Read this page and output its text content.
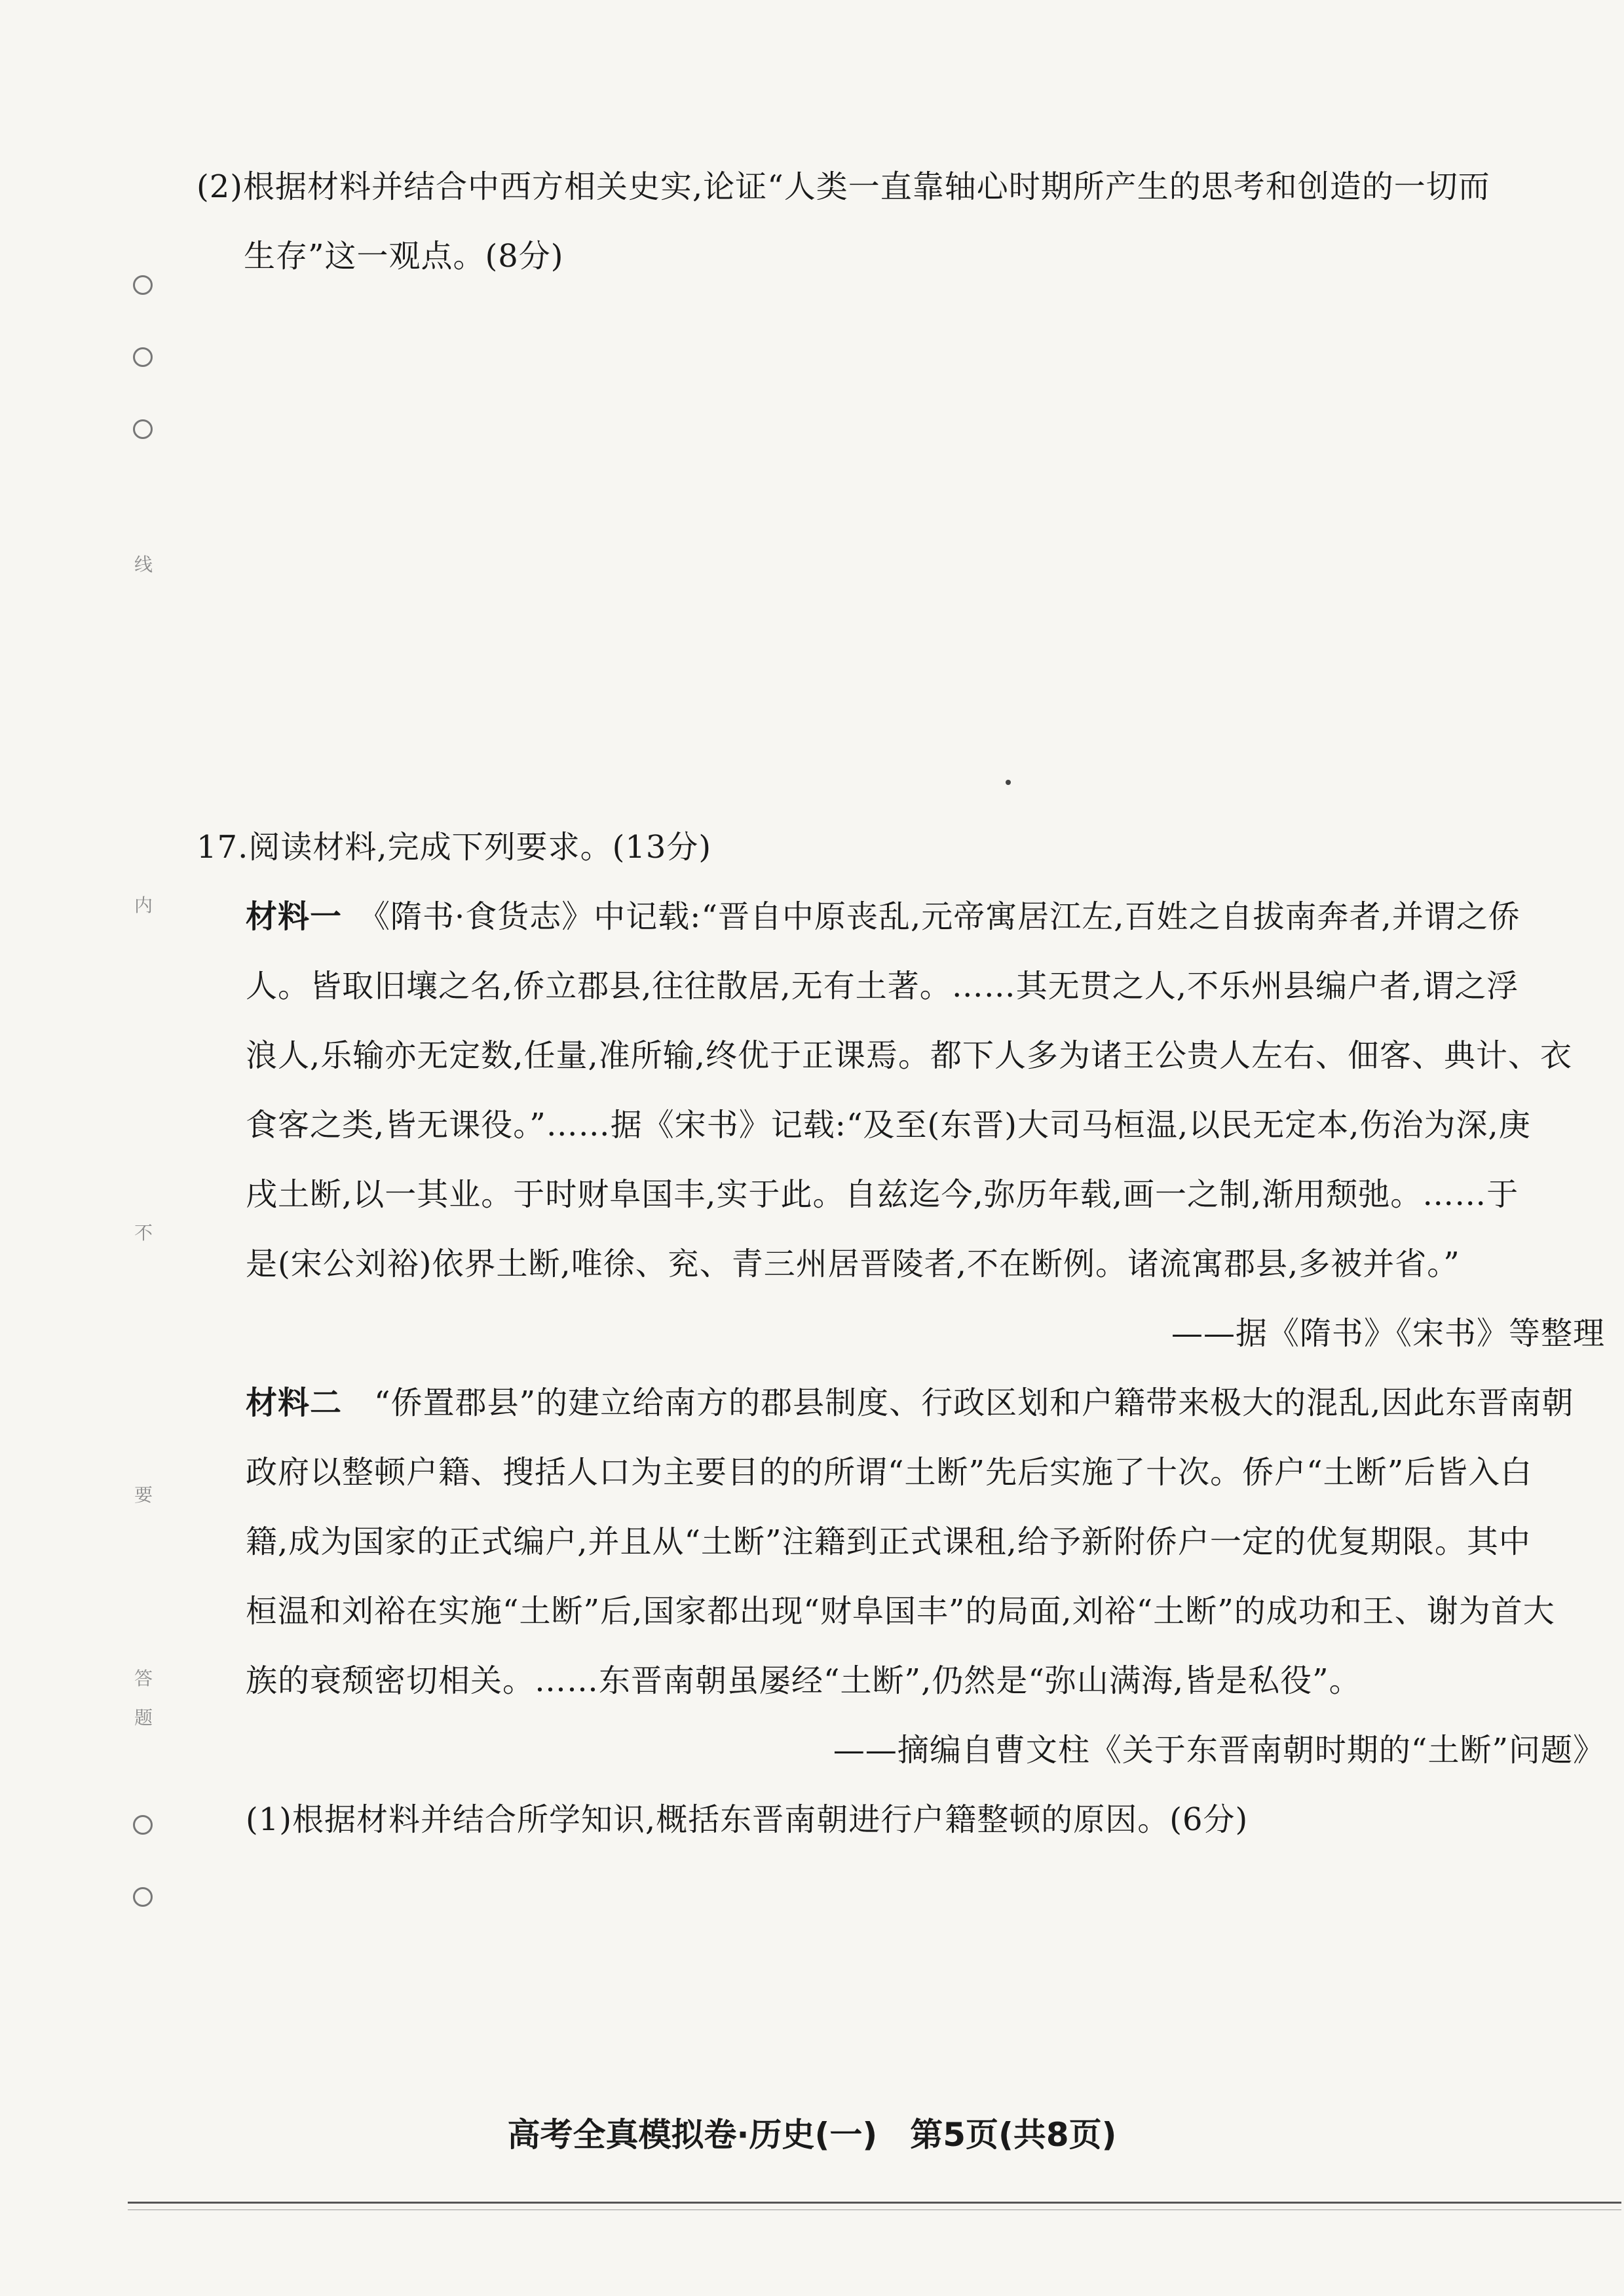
线
内
不
要
答
题
(2)根据材料并结合中西方相关史实,论证“人类一直靠轴心时期所产生的思考和创造的一切而
生存”这一观点。(8分)
17.阅读材料,完成下列要求。(13分)
材料一　 《隋书·食货志》中记载:“晋自中原丧乱,元帝寓居江左,百姓之自拔南奔者,并谓之侨
人。皆取旧壤之名,侨立郡县,往往散居,无有土著。……其无贯之人,不乐州县编户者,谓之浮
浪人,乐输亦无定数,任量,准所输,终优于正课焉。都下人多为诸王公贵人左右、佃客、典计、衣
食客之类,皆无课役。”……据《宋书》记载:“及至(东晋)大司马桓温,以民无定本,伤治为深,庚
戌土断,以一其业。于时财阜国丰,实于此。自兹迄今,弥历年载,画一之制,渐用颓弛。……于
是(宋公刘裕)依界土断,唯徐、兖、青三州居晋陵者,不在断例。诸流寓郡县,多被并省。”
——据《隋书》《宋书》等整理
材料二　 “侨置郡县”的建立给南方的郡县制度、行政区划和户籍带来极大的混乱,因此东晋南朝
政府以整顿户籍、搜括人口为主要目的的所谓“土断”先后实施了十次。侨户“土断”后皆入白
籍,成为国家的正式编户,并且从“土断”注籍到正式课租,给予新附侨户一定的优复期限。其中
桓温和刘裕在实施“土断”后,国家都出现“财阜国丰”的局面,刘裕“土断”的成功和王、谢为首大
族的衰颓密切相关。……东晋南朝虽屡经“土断”,仍然是“弥山满海,皆是私役”。
——摘编自曹文柱《关于东晋南朝时期的“土断”问题》
(1)根据材料并结合所学知识,概括东晋南朝进行户籍整顿的原因。(6分)
高考全真模拟卷·历史(一)　第5页(共8页)
